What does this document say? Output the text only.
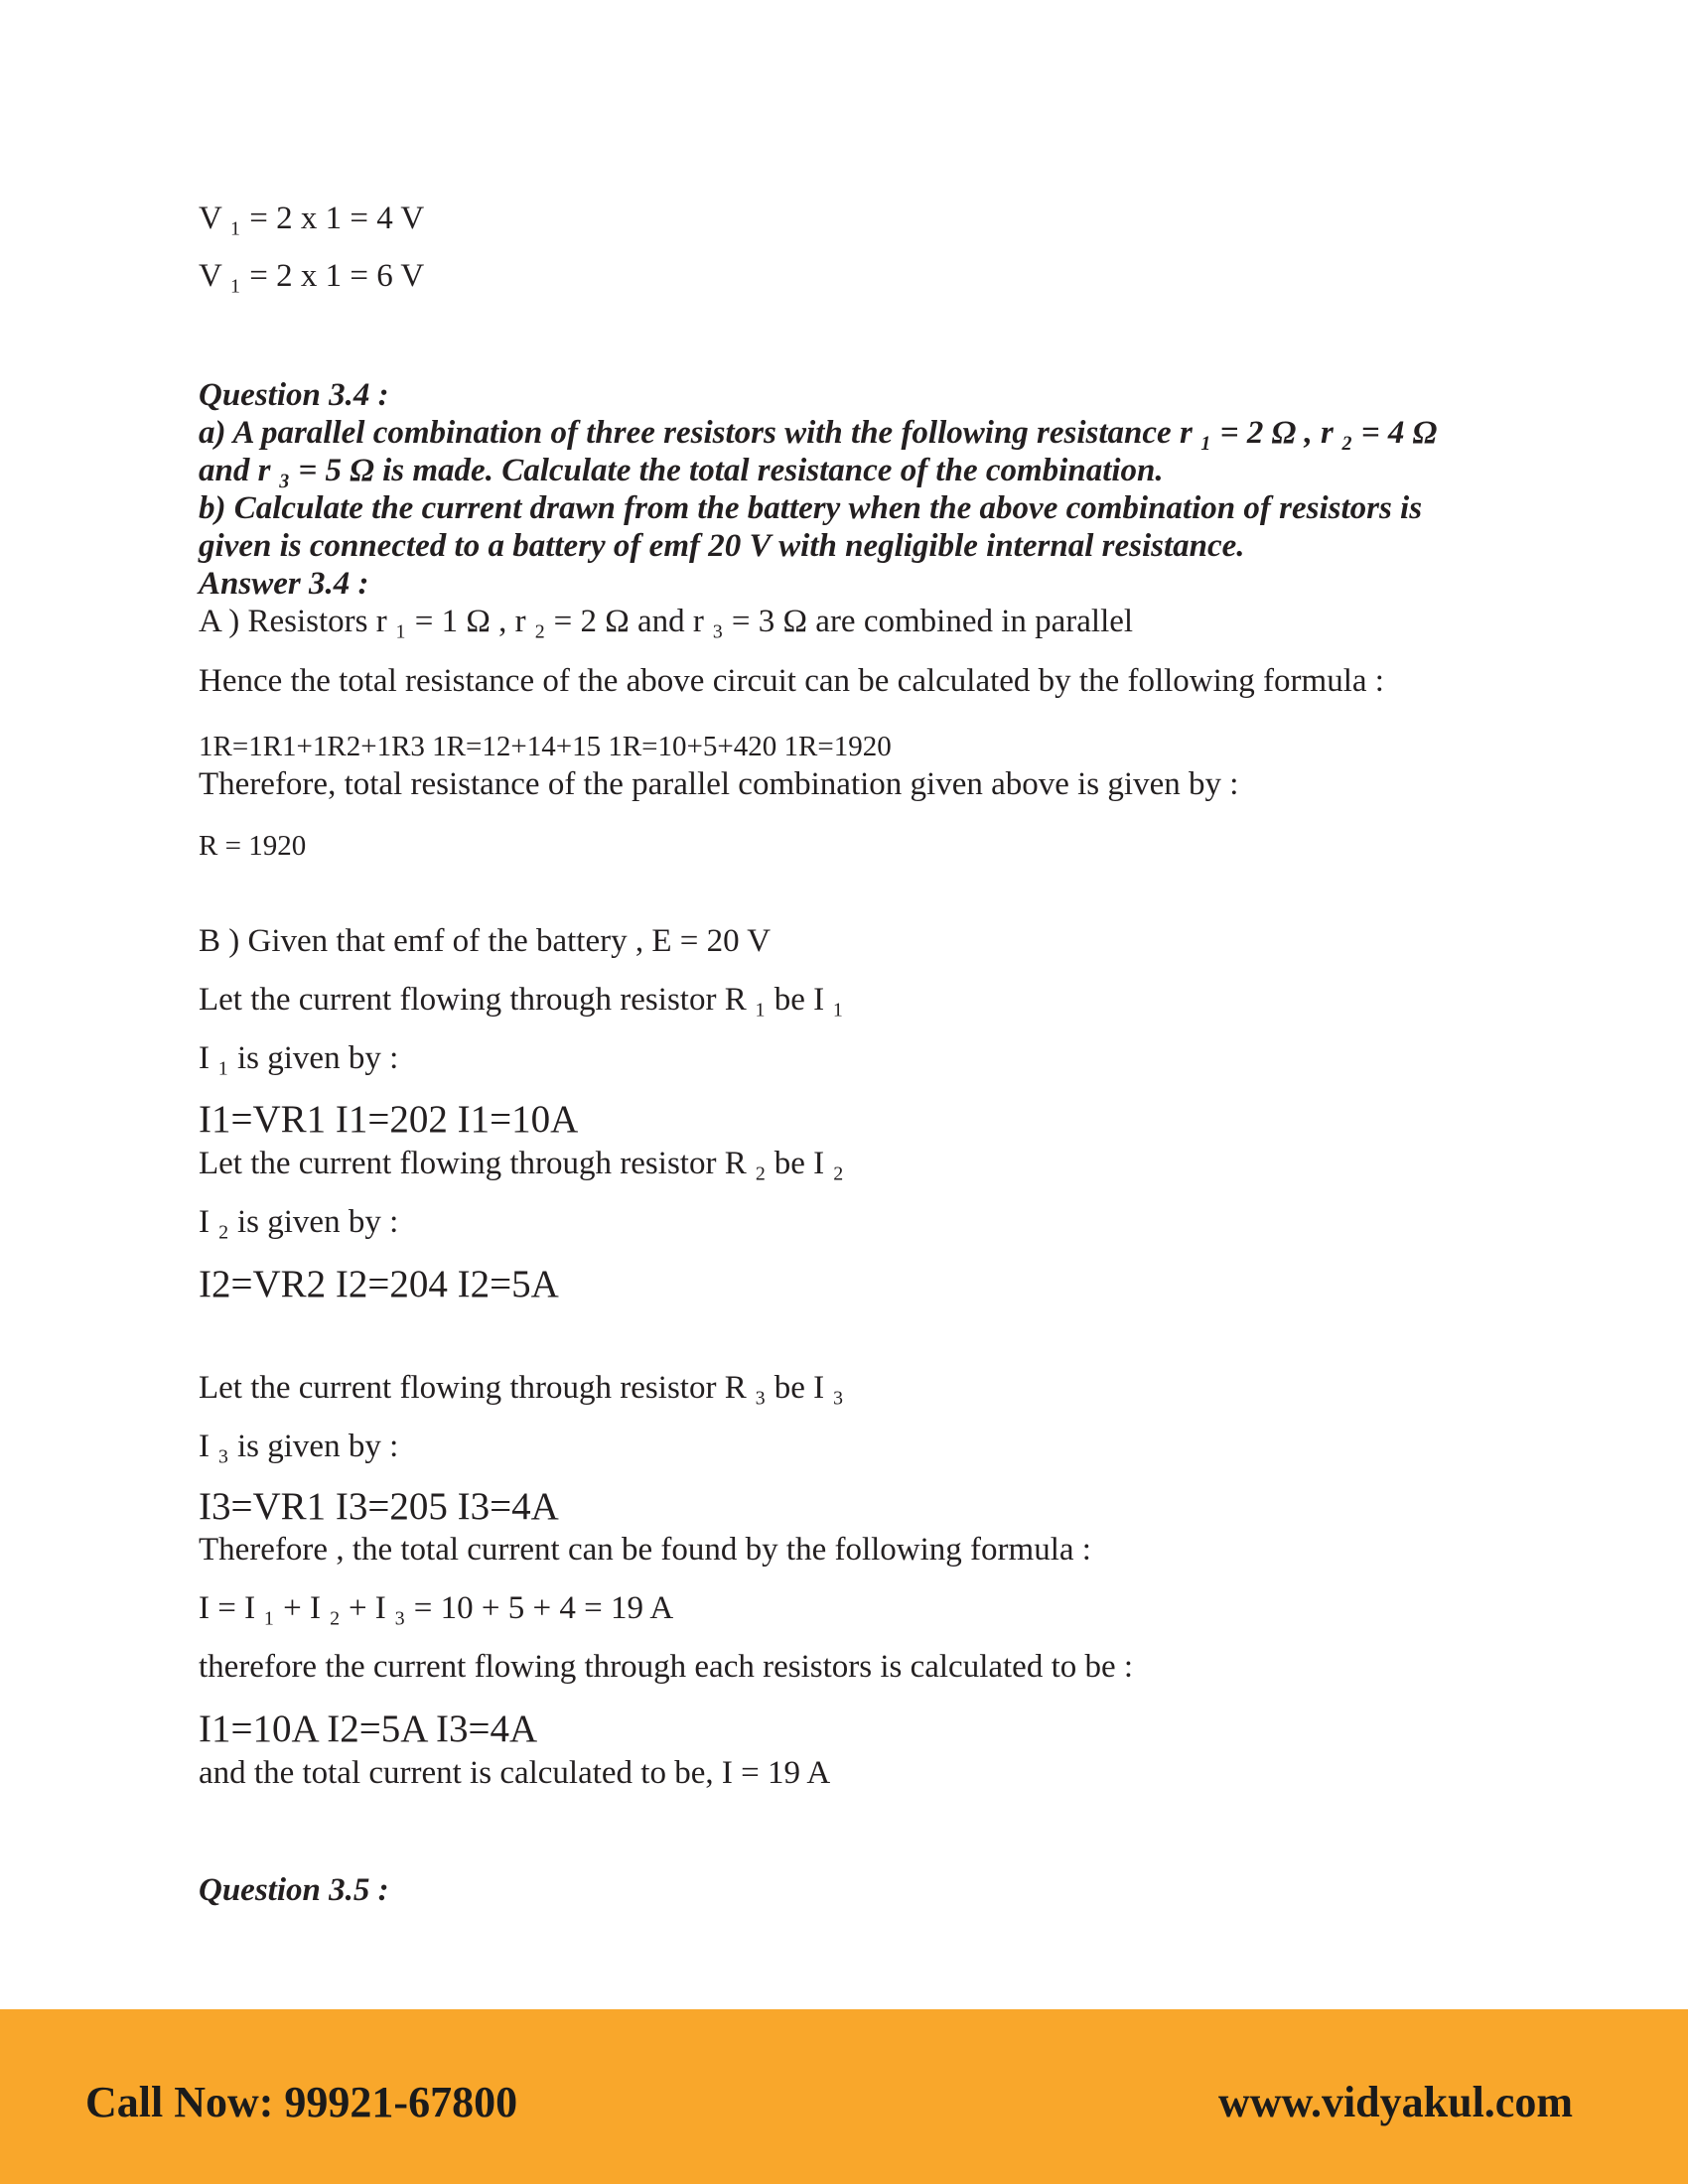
V ₁ = 2 x 1 = 4 V
V ₁ = 2 x 1 = 6 V
Question 3.4 :
a) A parallel combination of three resistors with the following resistance r ₁ = 2 Ω , r ₂ = 4 Ω
and r ₃ = 5 Ω is made. Calculate the total resistance of the combination.
b) Calculate the current drawn from the battery when the above combination of resistors is
given is connected to a battery of emf 20 V with negligible internal resistance.
Answer 3.4 :
A ) Resistors r ₁ = 1 Ω , r ₂ = 2 Ω and r ₃ = 3 Ω are combined in parallel
Hence the total resistance of the above circuit can be calculated by the following formula :
1R=1R1+1R2+1R3 1R=12+14+15 1R=10+5+420 1R=1920
Therefore, total resistance of the parallel combination given above is given by :
R = 1920
B ) Given that emf of the battery , E = 20 V
Let the current flowing through resistor R ₁ be I ₁
I ₁ is given by :
I1=VR1 I1=202 I1=10A
Let the current flowing through resistor R ₂ be I ₂
I ₂ is given by :
I2=VR2 I2=204 I2=5A
Let the current flowing through resistor R ₃ be I ₃
I ₃ is given by :
I3=VR1 I3=205 I3=4A
Therefore , the total current can be found by the following formula :
I = I ₁ + I ₂ + I ₃ = 10 + 5 + 4 = 19 A
therefore the current flowing through each resistors is calculated to be :
I1=10A I2=5A I3=4A
and the total current is calculated to be, I = 19 A
Question 3.5 :
Call Now: 99921-67800	www.vidyakul.com
